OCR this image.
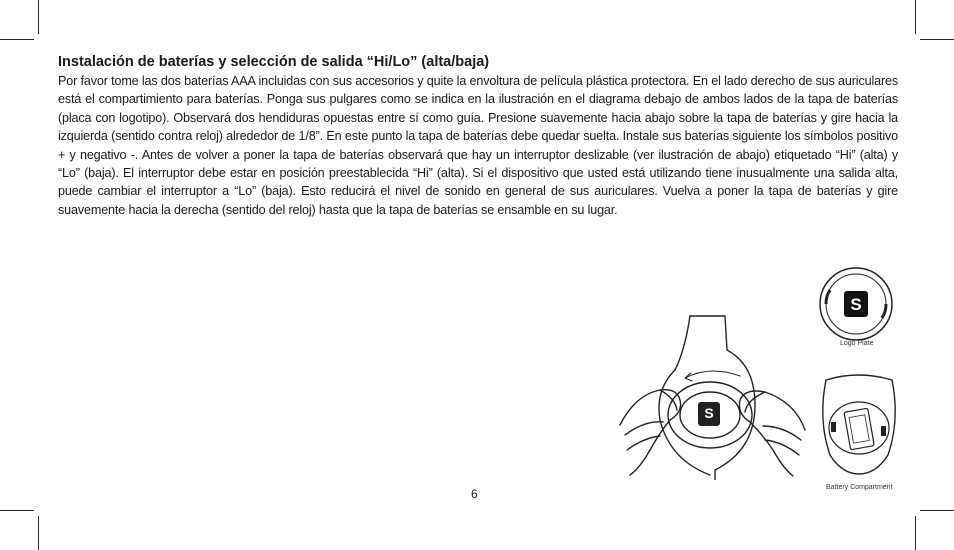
Instalación de baterías y selección de salida “Hi/Lo” (alta/baja)

Por favor tome las dos baterías AAA incluidas con sus accesorios y quite la envoltura de película plástica protectora. En el lado derecho de sus auriculares está el compartimiento para baterías. Ponga sus pulgares como se indica en la ilustración en el diagrama debajo de ambos lados de la tapa de baterías (placa con logotipo). Observará dos hendiduras opuestas entre sí como guía. Presione suavemente hacia abajo sobre la tapa de baterías y gire hacia la izquierda (sentido contra reloj) alrededor de 1/8”. En este punto la tapa de baterías debe quedar suelta. Instale sus baterías siguiente los símbolos positivo + y negativo -. Antes de volver a poner la tapa de baterías observará que hay un interruptor deslizable (ver ilustración de abajo) etiquetado “Hi” (alta) y “Lo” (baja). El interruptor debe estar en posición preestablecida “Hi” (alta). Si el dispositivo que usted está utilizando tiene inusualmente una salida alta, puede cambiar el interruptor a “Lo” (baja). Esto reducirá el nivel de sonido en general de sus auriculares. Vuelva a poner la tapa de baterías y gire suavemente hacia la derecha (sentido del reloj) hasta que la tapa de baterías se ensamble en su lugar.

S
S
Logo Plate
Battery Compartment
6
